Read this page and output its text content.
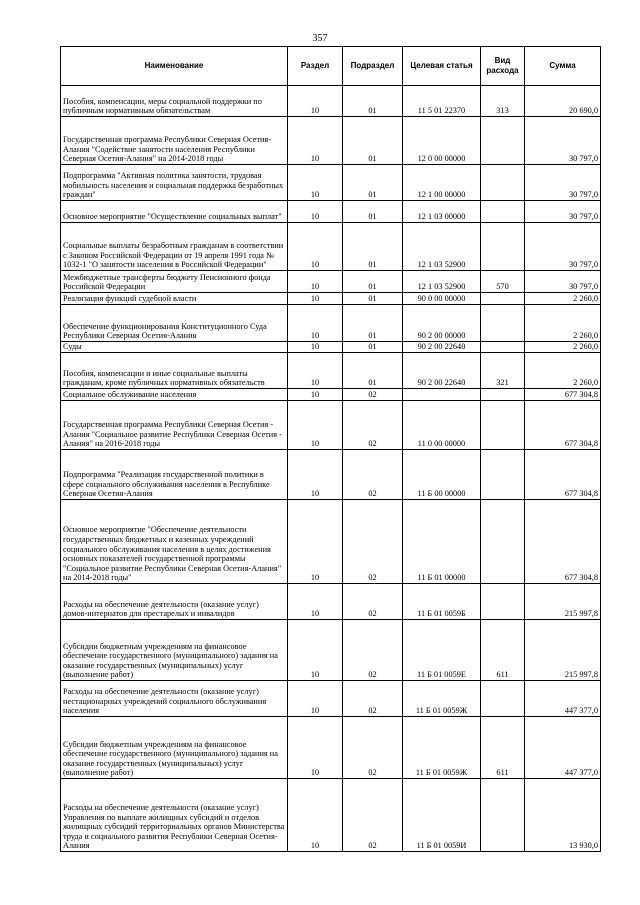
357
Наименование	Раздел	Подраздел	Целевая статья	Вид расхода	Сумма
Пособия, компенсации, меры социальной поддержки по публичным нормативным обязательствам	10	01	11 5 01 22370	313	20 690,0
Государственная программа Республики Северная Осетия-Алания "Содействие занятости населения Республики Северная Осетия-Алания" на 2014-2018 годы	10	01	12 0 00 00000		30 797,0
Подпрограмма "Активная политика занятости, трудовая мобильность населения и социальная поддержка безработных граждан"	10	01	12 1 00 00000		30 797,0
Основное мероприятие "Осуществление социальных выплат"	10	01	12 1 03 00000		30 797,0
Социальные выплаты безработным гражданам в соответствии с Законом Российской Федерации от 19 апреля 1991 года № 1032-1 "О занятости населения в Российской Федерации"	10	01	12 1 03 52900		30 797,0
Межбюджетные трансферты бюджету Пенсионного фонда Российской Федерации	10	01	12 1 03 52900	570	30 797,0
Реализация функций судебной власти	10	01	90 0 00 00000		2 260,0
Обеспечение функционирования Конституционного Суда Республики Северная Осетия-Алания	10	01	90 2 00 00000		2 260,0
Суды	10	01	90 2 00 22640		2 260,0
Пособия, компенсации и иные социальные выплаты гражданам, кроме публичных нормативных обязательств	10	01	90 2 00 22640	321	2 260,0
Социальное обслуживание населения	10	02			677 304,8
Государственная программа Республики Северная Осетия - Алания "Социальное развитие Республики Северная Осетия - Алания" на 2016-2018 годы	10	02	11 0 00 00000		677 304,8
Подпрограмма "Реализация государственной политики в сфере социального обслуживания населения в Республике Северная Осетия-Алания	10	02	11 Б 00 00000		677 304,8
Основное мероприятие "Обеспечение деятельности государственных бюджетных и казенных учреждений социального обслуживания населения в целях достижения основных показателей государственной программы "Социальное развитие Республики Северная Осетия-Алания" на 2014-2018 годы"	10	02	11 Б 01 00000		677 304,8
Расходы на обеспечение деятельности (оказание услуг) домов-интернатов для престарелых и инвалидов	10	02	11 Б 01 0059Б		215 997,8
Субсидии бюджетным учреждениям на финансовое обеспечение государственного (муниципального) задания на оказание государственных (муниципальных) услуг (выполнение работ)	10	02	11 Б 01 0059Е	611	215 997,8
Расходы на обеспечение деятельности (оказание услуг) нестационарных учреждений социального обслуживания населения	10	02	11 Б 01 0059Ж		447 377,0
Субсидии бюджетным учреждениям на финансовое обеспечение государственного (муниципального) задания на оказание государственных (муниципальных) услуг (выполнение работ)	10	02	11 Б 01 0059Ж	611	447 377,0
Расходы на обеспечение деятельности (оказание услуг) Управления по выплате жилищных субсидий и отделов жилищных субсидий территориальных органов Министерства труда и социального развития Республики Северная Осетия-Алания	10	02	11 Б 01 0059И		13 930,0
